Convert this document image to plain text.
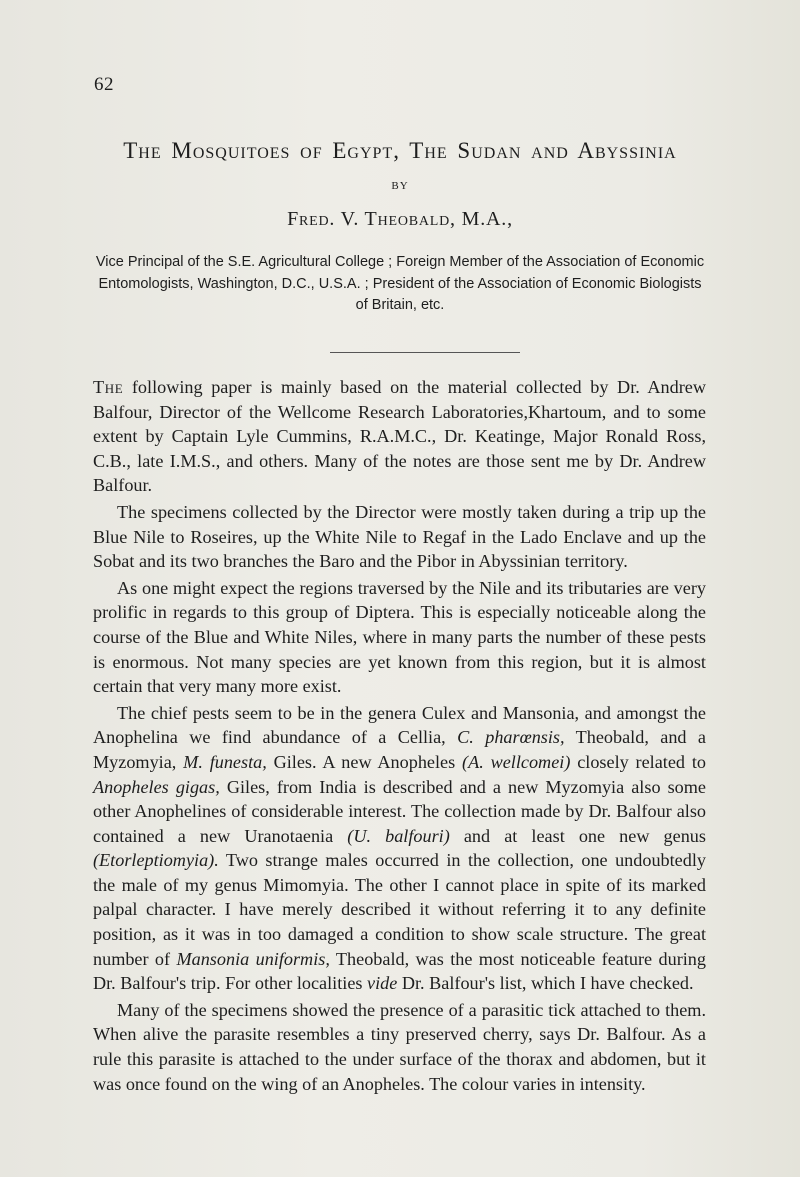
62
The Mosquitoes of Egypt, The Sudan and Abyssinia
BY
Fred. V. Theobald, M.A.,
Vice Principal of the S.E. Agricultural College ; Foreign Member of the Association of Economic Entomologists, Washington, D.C., U.S.A. ; President of the Association of Economic Biologists of Britain, etc.

The following paper is mainly based on the material collected by Dr. Andrew Balfour, Director of the Wellcome Research Laboratories,Khartoum, and to some extent by Captain Lyle Cummins, R.A.M.C., Dr. Keatinge, Major Ronald Ross, C.B., late I.M.S., and others. Many of the notes are those sent me by Dr. Andrew Balfour.

The specimens collected by the Director were mostly taken during a trip up the Blue Nile to Roseires, up the White Nile to Regaf in the Lado Enclave and up the Sobat and its two branches the Baro and the Pibor in Abyssinian territory.

As one might expect the regions traversed by the Nile and its tributaries are very prolific in regards to this group of Diptera. This is especially noticeable along the course of the Blue and White Niles, where in many parts the number of these pests is enormous. Not many species are yet known from this region, but it is almost certain that very many more exist.

The chief pests seem to be in the genera Culex and Mansonia, and amongst the Anophelina we find abundance of a Cellia, C. pharœnsis, Theobald, and a Myzomyia, M. funesta, Giles. A new Anopheles (A. wellcomei) closely related to Anopheles gigas, Giles, from India is described and a new Myzomyia also some other Anophelines of considerable interest. The collection made by Dr. Balfour also contained a new Uranotaenia (U. balfouri) and at least one new genus (Etorleptiomyia). Two strange males occurred in the collection, one undoubtedly the male of my genus Mimomyia. The other I cannot place in spite of its marked palpal character. I have merely described it without referring it to any definite position, as it was in too damaged a condition to show scale structure. The great number of Mansonia uniformis, Theobald, was the most noticeable feature during Dr. Balfour's trip. For other localities vide Dr. Balfour's list, which I have checked.

Many of the specimens showed the presence of a parasitic tick attached to them. When alive the parasite resembles a tiny preserved cherry, says Dr. Balfour. As a rule this parasite is attached to the under surface of the thorax and abdomen, but it was once found on the wing of an Anopheles. The colour varies in intensity.
